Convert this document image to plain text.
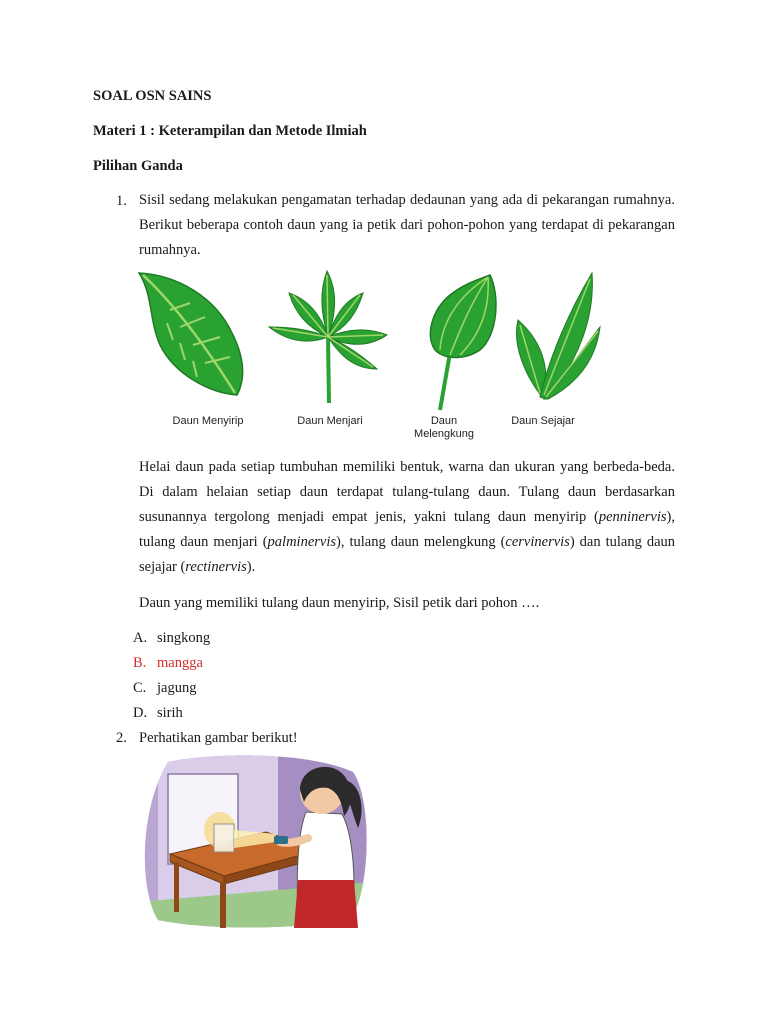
SOAL OSN SAINS
Materi 1 : Keterampilan dan Metode Ilmiah
Pilihan Ganda
1. Sisil sedang melakukan pengamatan terhadap dedaunan yang ada di pekarangan rumahnya. Berikut beberapa contoh daun yang ia petik dari pohon-pohon yang terdapat di pekarangan rumahnya.
Daun Menyirip	Daun Menjari	Daun Melengkung
Daun Sejajar
Helai daun pada setiap tumbuhan memiliki bentuk, warna dan ukuran yang berbeda-beda. Di dalam helaian setiap daun terdapat tulang-tulang daun. Tulang daun berdasarkan susunannya tergolong menjadi empat jenis, yakni tulang daun menyirip (penninervis), tulang daun menjari (palminervis), tulang daun melengkung (cervinervis) dan tulang daun sejajar (rectinervis).
Daun yang memiliki tulang daun menyirip, Sisil petik dari pohon ….
A. singkong
B. mangga
C. jagung
D. sirih
2. Perhatikan gambar berikut!
